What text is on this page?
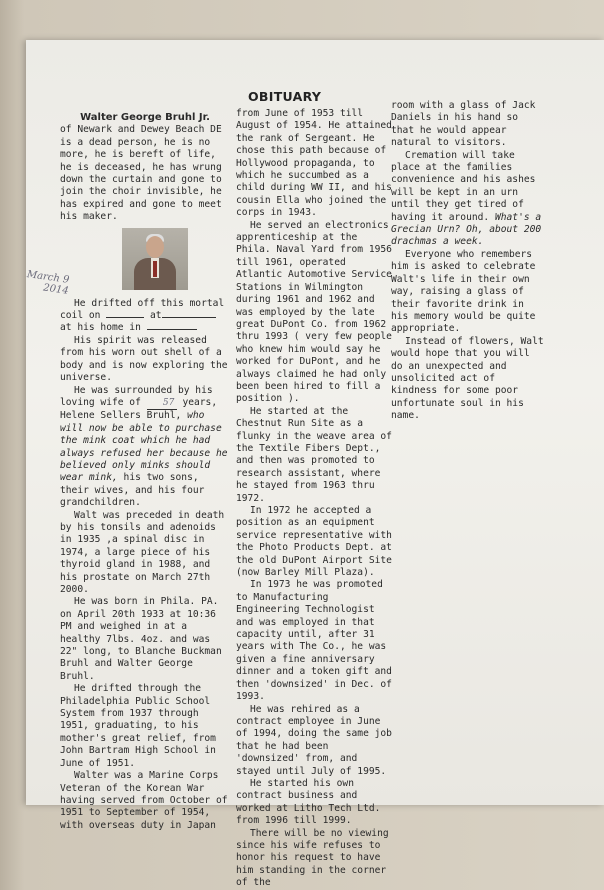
OBITUARY
Walter George Bruhl Jr.

of Newark and Dewey Beach DE is a dead person, he is no more, he is bereft of life, he is deceased, he has wrung down the curtain and gone to join the choir invisible, he has expired and gone to meet his maker.

He drifted off this mortal
coil on	at
at his home in

His spirit was released from his worn out shell of a body and is now exploring the universe.

He was surrounded by his loving wife of 57 years, Helene Sellers Bruhl, who will now be able to purchase the mink coat which he had always refused her because he believed only minks should wear mink, his two sons, their wives, and his four grandchildren.

Walt was preceded in death by his tonsils and adenoids in 1935 ,a spinal disc in 1974, a large piece of his thyroid gland in 1988, and his prostate on March 27th 2000.

He was born in Phila. PA. on April 20th 1933 at 10:36 PM and weighed in at a healthy 7lbs. 4oz. and was 22" long, to Blanche Buckman Bruhl and Walter George Bruhl.

He drifted through the Philadelphia Public School System from 1937 through 1951, graduating, to his mother's great relief, from John Bartram High School in June of 1951.

Walter was a Marine Corps Veteran of the Korean War having served from October of 1951 to September of 1954, with overseas duty in Japan

March 9
2014

from June of 1953 till August of 1954. He attained the rank of Sergeant. He chose this path because of Hollywood propaganda, to which he succumbed as a child during WW II, and his cousin Ella who joined the corps in 1943.

He served an electronics apprenticeship at the Phila. Naval Yard from 1956 till 1961, operated Atlantic Automotive Service Stations in Wilmington during 1961 and 1962 and was employed by the late great DuPont Co. from 1962 thru 1993 ( very few people who knew him would say he worked for DuPont, and he always claimed he had only been been hired to fill a position ).

He started at the Chestnut Run Site as a flunky in the weave area of the Textile Fibers Dept., and then was promoted to research assistant, where he stayed from 1963 thru 1972.

In 1972 he accepted a position as an equipment service representative with the Photo Products Dept. at the old DuPont Airport Site (now Barley Mill Plaza).

In 1973 he was promoted to Manufacturing Engineering Technologist and was employed in that capacity until, after 31 years with The Co., he was given a fine anniversary dinner and a token gift and then 'downsized' in Dec. of 1993.

He was rehired as a contract employee in June of 1994, doing the same job that he had been 'downsized' from, and stayed until July of 1995.

He started his own contract business and worked at Litho Tech Ltd. from 1996 till 1999.

There will be no viewing since his wife refuses to honor his request to have him standing in the corner of the

room with a glass of Jack Daniels in his hand so that he would appear natural to visitors.

Cremation will take place at the families convenience and his ashes will be kept in an urn until they get tired of having it around. What's a Grecian Urn? Oh, about 200 drachmas a week.

Everyone who remembers him is asked to celebrate Walt's life in their own way, raising a glass of their favorite drink in his memory would be quite appropriate.

Instead of flowers, Walt would hope that you will do an unexpected and unsolicited act of kindness for some poor unfortunate soul in his name.
